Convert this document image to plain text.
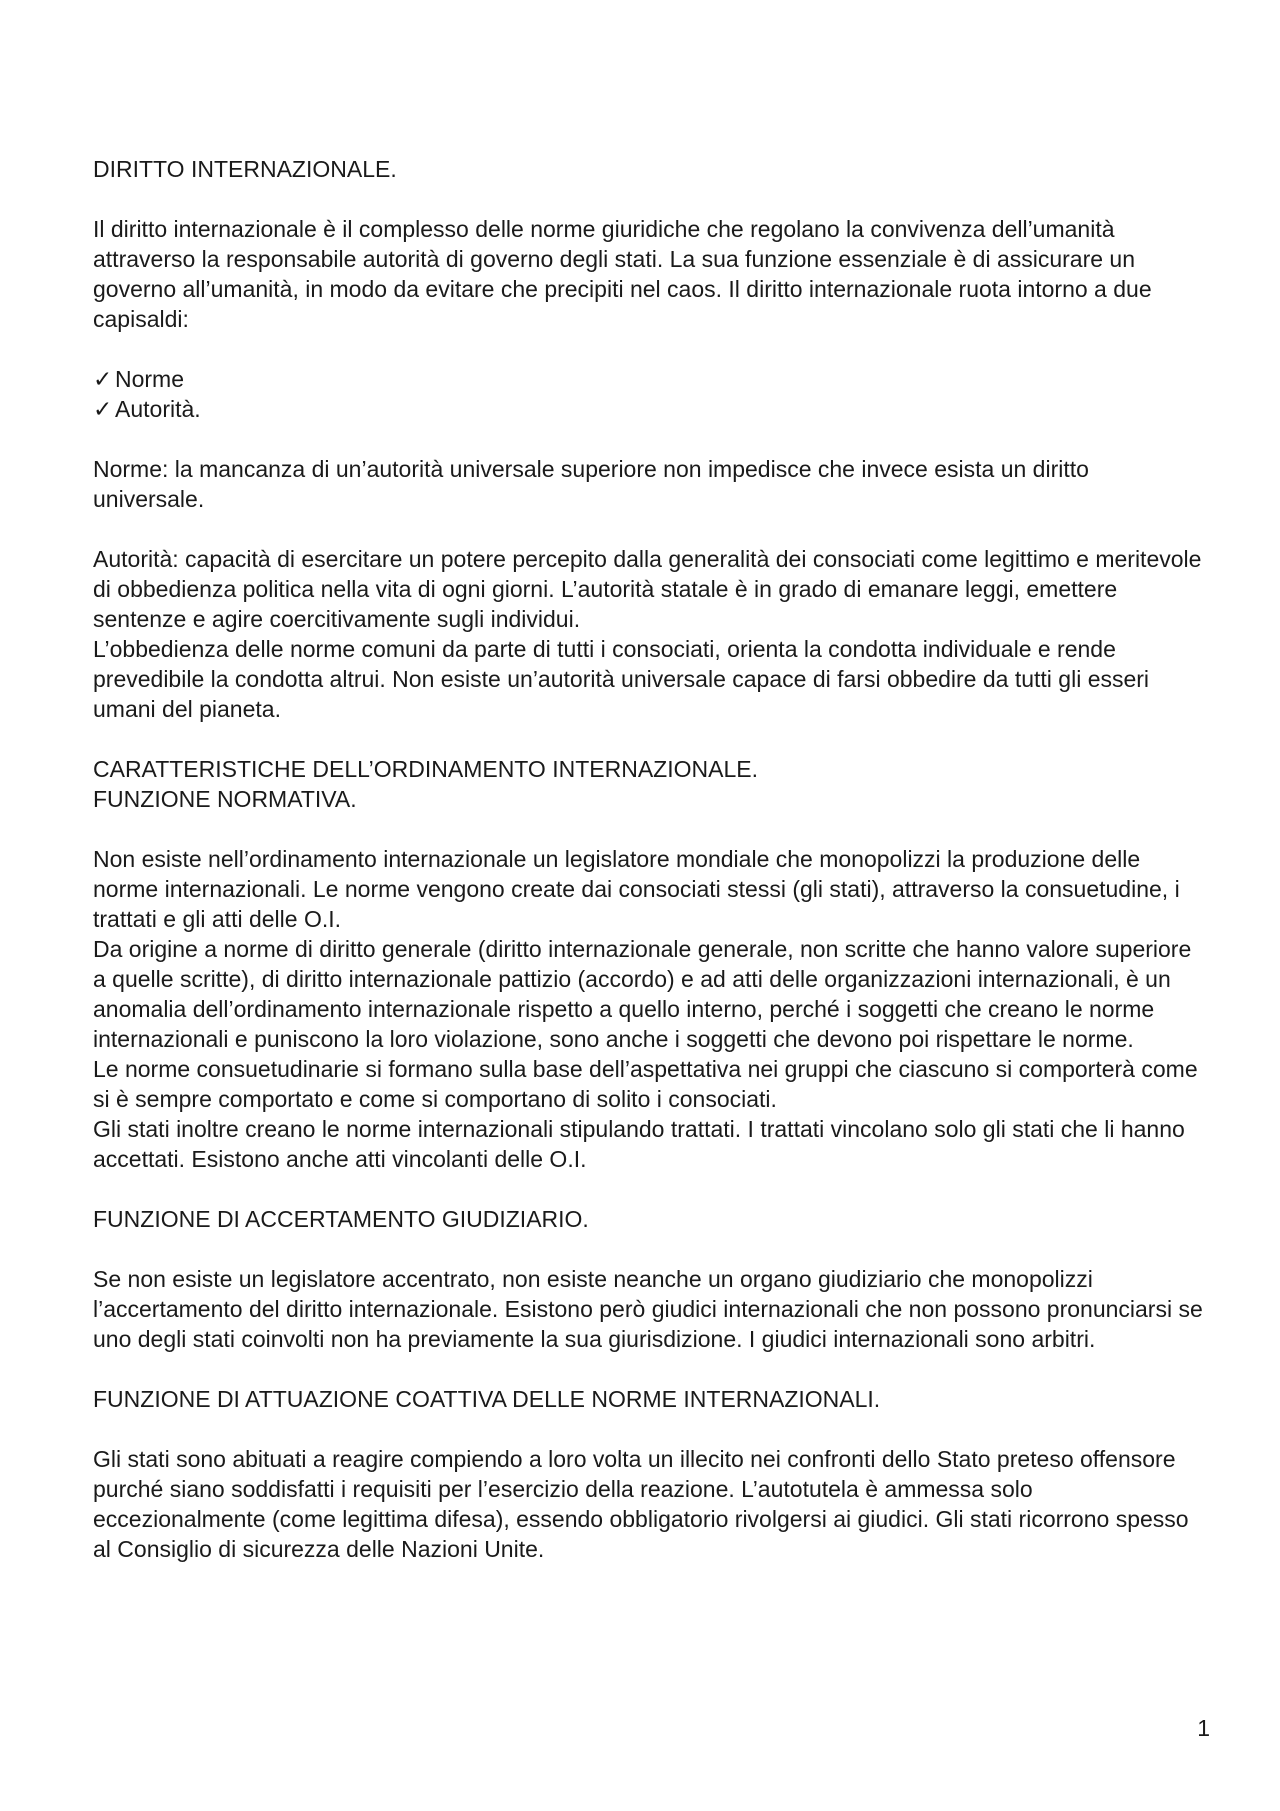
DIRITTO INTERNAZIONALE.

Il diritto internazionale è il complesso delle norme giuridiche che regolano la convivenza dell’umanità attraverso la responsabile autorità di governo degli stati. La sua funzione essenziale è di assicurare un governo all’umanità, in modo da evitare che precipiti nel caos. Il diritto internazionale ruota intorno a due capisaldi:

✓ Norme
✓ Autorità.

Norme: la mancanza di un’autorità universale superiore non impedisce che invece esista un diritto universale.

Autorità: capacità di esercitare un potere percepito dalla generalità dei consociati come legittimo e meritevole di obbedienza politica nella vita di ogni giorni. L’autorità statale è in grado di emanare leggi, emettere sentenze e agire coercitivamente sugli individui.

L’obbedienza delle norme comuni da parte di tutti i consociati, orienta la condotta individuale e rende prevedibile la condotta altrui. Non esiste un’autorità universale capace di farsi obbedire da tutti gli esseri umani del pianeta.

CARATTERISTICHE DELL’ORDINAMENTO INTERNAZIONALE.

FUNZIONE NORMATIVA.

Non esiste nell’ordinamento internazionale un legislatore mondiale che monopolizzi la produzione delle norme internazionali. Le norme vengono create dai consociati stessi (gli stati), attraverso la consuetudine, i trattati e gli atti delle O.I.

Da origine a norme di diritto generale (diritto internazionale generale, non scritte che hanno valore superiore a quelle scritte), di diritto internazionale pattizio (accordo) e ad atti delle organizzazioni internazionali, è un anomalia dell’ordinamento internazionale rispetto a quello interno, perché i soggetti che creano le norme internazionali e puniscono la loro violazione, sono anche i soggetti che devono poi rispettare le norme.

Le norme consuetudinarie si formano sulla base dell’aspettativa nei gruppi che ciascuno si comporterà come si è sempre comportato e come si comportano di solito i consociati.

Gli stati inoltre creano le norme internazionali stipulando trattati. I trattati vincolano solo gli stati che li hanno accettati. Esistono anche atti vincolanti delle O.I.

FUNZIONE DI ACCERTAMENTO GIUDIZIARIO.

Se non esiste un legislatore accentrato, non esiste neanche un organo giudiziario che monopolizzi l’accertamento del diritto internazionale. Esistono però giudici internazionali che non possono pronunciarsi se uno degli stati coinvolti non ha previamente la sua giurisdizione. I giudici internazionali sono arbitri.

FUNZIONE DI ATTUAZIONE COATTIVA DELLE NORME INTERNAZIONALI.

Gli stati sono abituati a reagire compiendo a loro volta un illecito nei confronti dello Stato preteso offensore purché siano soddisfatti i requisiti per l’esercizio della reazione. L’autotutela è ammessa solo eccezionalmente (come legittima difesa), essendo obbligatorio rivolgersi ai giudici. Gli stati ricorrono spesso al Consiglio di sicurezza delle Nazioni Unite.

1
